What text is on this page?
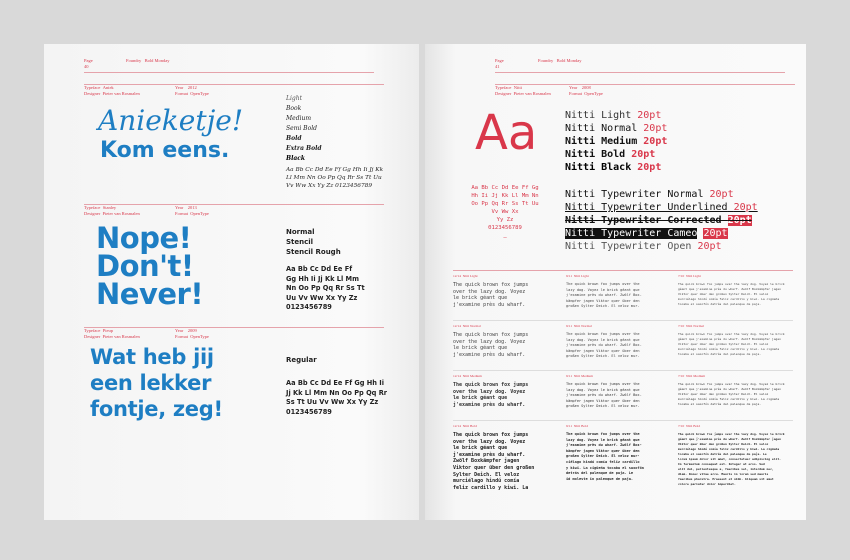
Page
40
Foundry Bold Monday
Typeface Aniek
Designer Pieter van Rosmalen
Year 2012
Format OpenType
Anieketje!
Kom eens.
Light
Book
Medium
Semi Bold
Bold
Extra Bold
Black
Aa Bb Cc Dd Ee Ff Gg Hh Ii Jj Kk
Ll Mm Nn Oo Pp Qq Rr Ss Tt Uu
Vv Ww Xx Yy Zz 0123456789
Typeface Stanley
Designer Pieter van Rosmalen
Year 2013
Format OpenType
Nope!
Don't!
Never!
Normal
Stencil
Stencil Rough
Aa Bb Cc Dd Ee Ff
Gg Hh Ii Jj Kk Ll Mm
Nn Oo Pp Qq Rr Ss Tt
Uu Vv Ww Xx Yy Zz
0123456789
Typeface Pieup
Designer Pieter van Rosmalen
Year 2009
Format OpenType
Wat heb jij
een lekker
fontje, zeg!
Regular
Aa Bb Cc Dd Ee Ff Gg Hh Ii
Jj Kk Ll Mm Nn Oo Pp Qq Rr
Ss Tt Uu Vv Ww Xx Yy Zz
0123456789
Page
41
Foundry Bold Monday
Typeface Nitti
Designer Pieter van Rosmalen
Year 2008
Format OpenType
Aa
Aa Bb Cc Dd Ee Ff Gg
Hh Ii Jj Kk Ll Mm Nn
Oo Pp Qq Rr Ss Tt Uu
Vv Ww Xx
Yy Zz
0123456789
—
Nitti Light 20pt
Nitti Normal 20pt
Nitti Medium 20pt
Nitti Bold 20pt
Nitti Black 20pt
Nitti Typewriter Normal 20pt
Nitti Typewriter Underlined 20pt
Nitti Typewriter Corrected 20pt
Nitti Typewriter Cameo 20pt
Nitti Typewriter Open 20pt
12/14 Nitti Light
The quick brown fox jumps
over the lazy dog. Voyez
le brick géant que
j'examine près du wharf.
9/11 Nitti Light
The quick brown fox jumps over the
lazy dog. Voyez le brick géant que
j'examine près du wharf. Zwölf Box-
kämpfer jagen Viktor quer über den
großen Sylter Deich. El veloz mur-
7/10 Nitti Light
The quick brown fox jumps over the lazy dog. Voyez le brick
géant que j'examine près du wharf. Zwölf Boxkämpfer jagen
Viktor quer über den großen Sylter Deich. El veloz
murciélago hindú comía feliz cardillo y kiwi. La cigüeña
tocaba el saxofón detrás del palenque de paja.
12/14 Nitti Normal
The quick brown fox jumps
over the lazy dog. Voyez
le brick géant que
j'examine près du wharf.
9/11 Nitti Normal
The quick brown fox jumps over the
lazy dog. Voyez le brick géant que
j'examine près du wharf. Zwölf Box-
kämpfer jagen Viktor quer über den
großen Sylter Deich. El veloz mur-
7/10 Nitti Normal
The quick brown fox jumps over the lazy dog. Voyez le brick
géant que j'examine près du wharf. Zwölf Boxkämpfer jagen
Viktor quer über den großen Sylter Deich. El veloz
murciélago hindú comía feliz cardillo y kiwi. La cigüeña
tocaba el saxofón detrás del palenque de paja.
12/14 Nitti Medium
The quick brown fox jumps
over the lazy dog. Voyez
le brick géant que
j'examine près du wharf.
9/11 Nitti Medium
The quick brown fox jumps over the
lazy dog. Voyez le brick géant que
j'examine près du wharf. Zwölf Box-
kämpfer jagen Viktor quer über den
großen Sylter Deich. El veloz mur-
7/10 Nitti Medium
The quick brown fox jumps over the lazy dog. Voyez le brick
géant que j'examine près du wharf. Zwölf Boxkämpfer jagen
Viktor quer über den großen Sylter Deich. El veloz
murciélago hindú comía feliz cardillo y kiwi. La cigüeña
tocaba el saxofón detrás del palenque de paja.
12/14 Nitti Bold
The quick brown fox jumps
over the lazy dog. Voyez
le brick géant que
j'examine près du wharf.
Zwölf Boxkämpfer jagen
Viktor quer über den großen
Sylter Deich. El veloz
murciélago hindú comía
feliz cardillo y kiwi. La
9/11 Nitti Bold
The quick brown fox jumps over the
lazy dog. Voyez le brick géant que
j'examine près du wharf. Zwölf Box-
kämpfer jagen Viktor quer über den
großen Sylter Deich. El veloz mur-
ciélago hindú comía feliz cardillo
y kiwi. La cigüeña tocaba el saxofón
detrás del palenque de paja. Le
id moleste in palenque de paja.
7/10 Nitti Bold
The quick brown fox jumps over the lazy dog. Voyez le brick
géant que j'examine près du wharf. Zwölf Boxkämpfer jagen
Viktor quer über den großen Sylter Deich. El veloz
murciélago hindú comía feliz cardillo y kiwi. La cigüeña
tocaba el saxofón detrás del palenque de paja. Le
lorem ipsum dolor sit amet, consectetuer adipiscing elit.
In fermentum consequat est. Integer at eros. Sed
elit dui, pellentesque a, faucibus vel, interdum nec,
diam. Donec vitae arcu. Mauris in lorem sed mauris
faucibus pharetra. Praesent et nibh. Aliquam sit amet
colore pariatur dolor imperdiet.
